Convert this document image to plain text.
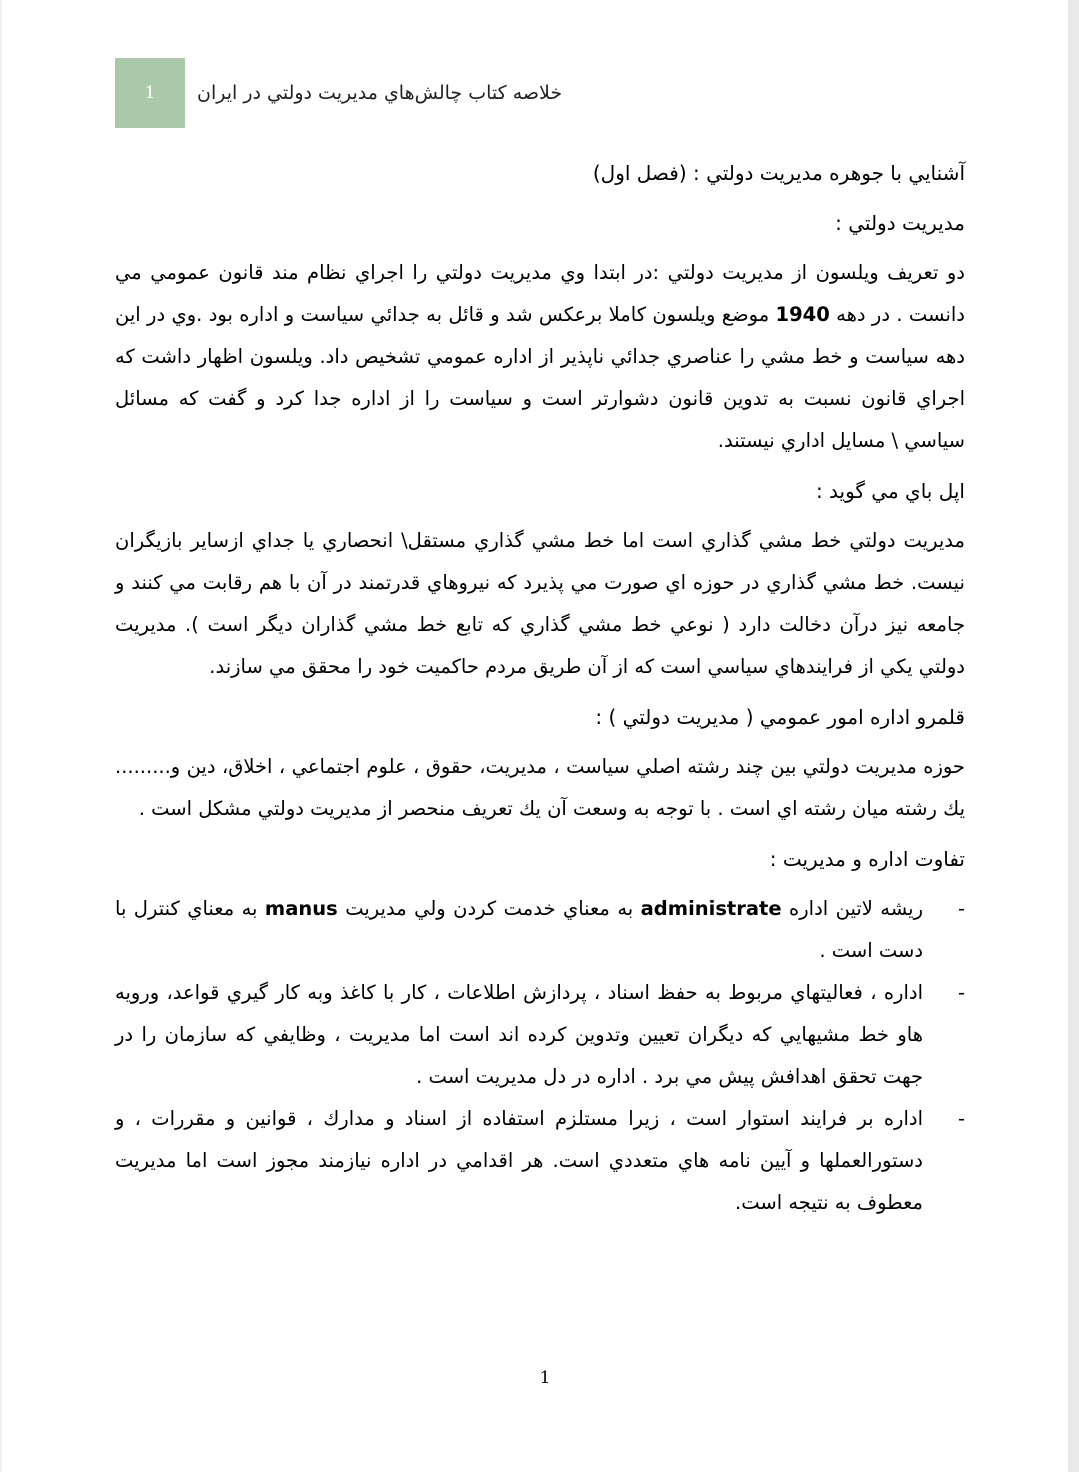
1 خلاصه كتاب چالش‌هاي مديريت دولتي در ايران

آشنايي با جوهره مديريت دولتي : (فصل اول)

مديريت دولتي :

دو تعريف ويلسون از مديريت دولتي :در ابتدا وي مديريت دولتي را اجراي نظام مند قانون عمومي مي دانست . در دهه 1940 موضع ويلسون كاملا برعكس شد و قائل به جدائي سياست و اداره بود .وي در اين دهه سياست و خط مشي را عناصري جدائي ناپذير از اداره عمومي تشخيص داد. ويلسون اظهار داشت كه اجراي قانون نسبت به تدوين قانون دشوارتر است و سياست را از اداره جدا كرد و گفت كه مسائل سياسي \ مسايل اداري نيستند.

اپل باي مي گويد :

مديريت دولتي خط مشي گذاري است اما خط مشي گذاري مستقل\ انحصاري يا جداي ازساير بازيگران نيست. خط مشي گذاري در حوزه اي صورت مي پذيرد كه نيروهاي قدرتمند در آن با هم رقابت مي كنند و جامعه نيز درآن دخالت دارد ( نوعي خط مشي گذاري كه تابع خط مشي گذاران ديگر است ). مديريت دولتي يكي از فرايندهاي سياسي است كه از آن طريق مردم حاكميت خود را محقق مي سازند.

قلمرو اداره امور عمومي ( مديريت دولتي ) :

حوزه مديريت دولتي بين چند رشته اصلي سياست ، مديريت، حقوق ، علوم اجتماعي ، اخلاق، دين و......... يك رشته ميان رشته اي است . با توجه به وسعت آن يك تعريف منحصر از مديريت دولتي مشكل است .

تفاوت اداره و مديريت :

-
ريشه لاتين اداره administrate به معناي خدمت كردن ولي مديريت manus به معناي كنترل با دست است .
-
اداره ، فعاليتهاي مربوط به حفظ اسناد ، پردازش اطلاعات ، كار با كاغذ وبه كار گيري قواعد، ورويه هاو خط مشيهايي كه ديگران تعيين وتدوين كرده اند است اما مديريت ، وظايفي كه سازمان را در جهت تحقق اهدافش پيش مي برد . اداره در دل مديريت است .
-
اداره بر فرايند استوار است ، زيرا مستلزم استفاده از اسناد و مدارك ، قوانين و مقررات ، و دستورالعملها و آيين نامه هاي متعددي است. هر اقدامي در اداره نيازمند مجوز است اما مديريت معطوف به نتيجه است.
1
